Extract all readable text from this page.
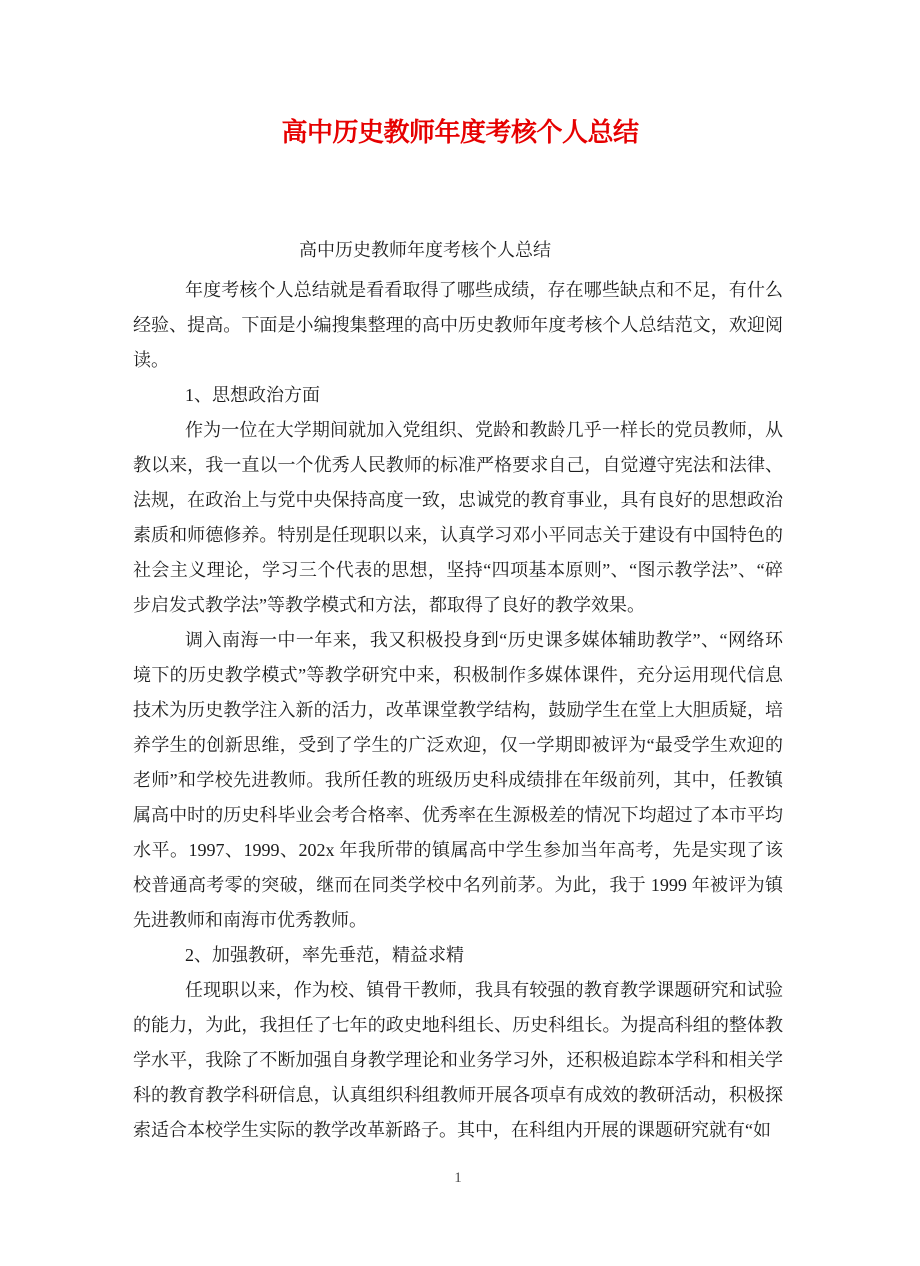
高中历史教师年度考核个人总结
高中历史教师年度考核个人总结

年度考核个人总结就是看看取得了哪些成绩，存在哪些缺点和不足，有什么经验、提高。下面是小编搜集整理的高中历史教师年度考核个人总结范文，欢迎阅读。

1、思想政治方面

作为一位在大学期间就加入党组织、党龄和教龄几乎一样长的党员教师，从教以来，我一直以一个优秀人民教师的标准严格要求自己，自觉遵守宪法和法律、法规，在政治上与党中央保持高度一致，忠诚党的教育事业，具有良好的思想政治素质和师德修养。特别是任现职以来，认真学习邓小平同志关于建设有中国特色的社会主义理论，学习三个代表的思想，坚持“四项基本原则”、“图示教学法”、“碎步启发式教学法”等教学模式和方法，都取得了良好的教学效果。

调入南海一中一年来，我又积极投身到“历史课多媒体辅助教学”、“网络环境下的历史教学模式”等教学研究中来，积极制作多媒体课件，充分运用现代信息技术为历史教学注入新的活力，改革课堂教学结构，鼓励学生在堂上大胆质疑，培养学生的创新思维，受到了学生的广泛欢迎，仅一学期即被评为“最受学生欢迎的老师”和学校先进教师。我所任教的班级历史科成绩排在年级前列，其中，任教镇属高中时的历史科毕业会考合格率、优秀率在生源极差的情况下均超过了本市平均水平。1997、1999、202x 年我所带的镇属高中学生参加当年高考，先是实现了该校普通高考零的突破，继而在同类学校中名列前茅。为此，我于 1999 年被评为镇先进教师和南海市优秀教师。

2、加强教研，率先垂范，精益求精

任现职以来，作为校、镇骨干教师，我具有较强的教育教学课题研究和试验的能力，为此，我担任了七年的政史地科组长、历史科组长。为提高科组的整体教学水平，我除了不断加强自身教学理论和业务学习外，还积极追踪本学科和相关学科的教育教学科研信息，认真组织科组教师开展各项卓有成效的教研活动，积极探索适合本校学生实际的教学改革新路子。其中，在科组内开展的课题研究就有“如

1
